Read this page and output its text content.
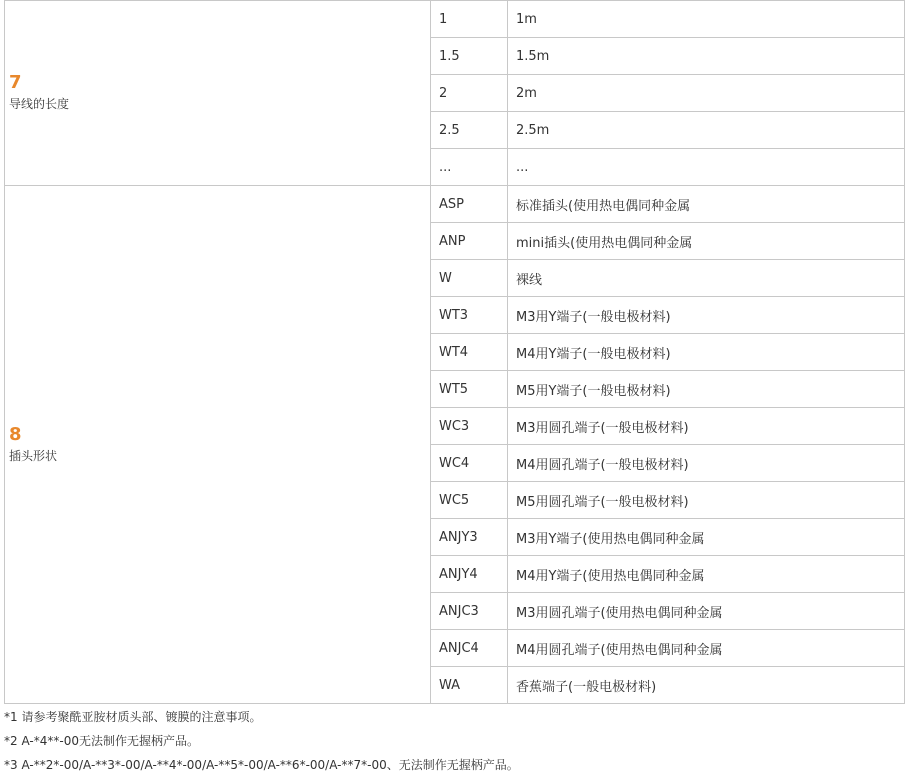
7
导线的长度	1	1m
	1.5	1.5m
	2	2m
	2.5	2.5m
	...	...

8
插头形状	ASP	标准插头(使用热电偶同种金属
	ANP	mini插头(使用热电偶同种金属
	W	裸线
	WT3	M3用Y端子(一般电极材料)
	WT4	M4用Y端子(一般电极材料)
	WT5	M5用Y端子(一般电极材料)
	WC3	M3用圆孔端子(一般电极材料)
	WC4	M4用圆孔端子(一般电极材料)
	WC5	M5用圆孔端子(一般电极材料)
	ANJY3	M3用Y端子(使用热电偶同种金属
	ANJY4	M4用Y端子(使用热电偶同种金属
	ANJC3	M3用圆孔端子(使用热电偶同种金属
	ANJC4	M4用圆孔端子(使用热电偶同种金属
	WA	香蕉端子(一般电极材料)
*1 请参考聚酰亚胺材质头部、镀膜的注意事项。
*2 A-*4**-00无法制作无握柄产品。
*3 A-**2*-00/A-**3*-00/A-**4*-00/A-**5*-00/A-**6*-00/A-**7*-00、无法制作无握柄产品。
